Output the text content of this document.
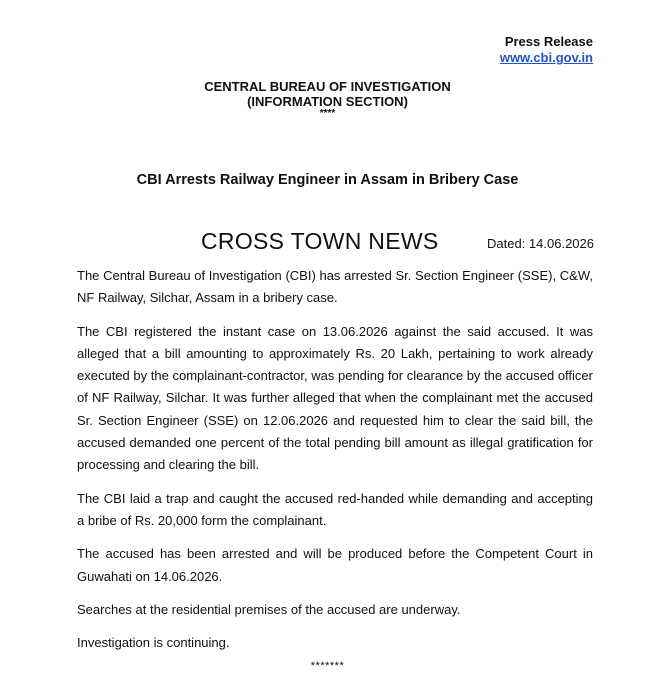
Press Release
www.cbi.gov.in
CENTRAL BUREAU OF INVESTIGATION
(INFORMATION SECTION)
****
CBI Arrests Railway Engineer in Assam in Bribery Case
CROSS TOWN NEWS	Dated: 14.06.2026

The Central Bureau of Investigation (CBI) has arrested Sr. Section Engineer (SSE), C&W, NF Railway, Silchar, Assam in a bribery case.

The CBI registered the instant case on 13.06.2026 against the said accused. It was alleged that a bill amounting to approximately Rs. 20 Lakh, pertaining to work already executed by the complainant-contractor, was pending for clearance by the accused officer of NF Railway, Silchar. It was further alleged that when the complainant met the accused Sr. Section Engineer (SSE) on 12.06.2026 and requested him to clear the said bill, the accused demanded one percent of the total pending bill amount as illegal gratification for processing and clearing the bill.

The CBI laid a trap and caught the accused red-handed while demanding and accepting a bribe of Rs. 20,000 form the complainant.

The accused has been arrested and will be produced before the Competent Court in Guwahati on 14.06.2026.

Searches at the residential premises of the accused are underway.

Investigation is continuing.

*******
